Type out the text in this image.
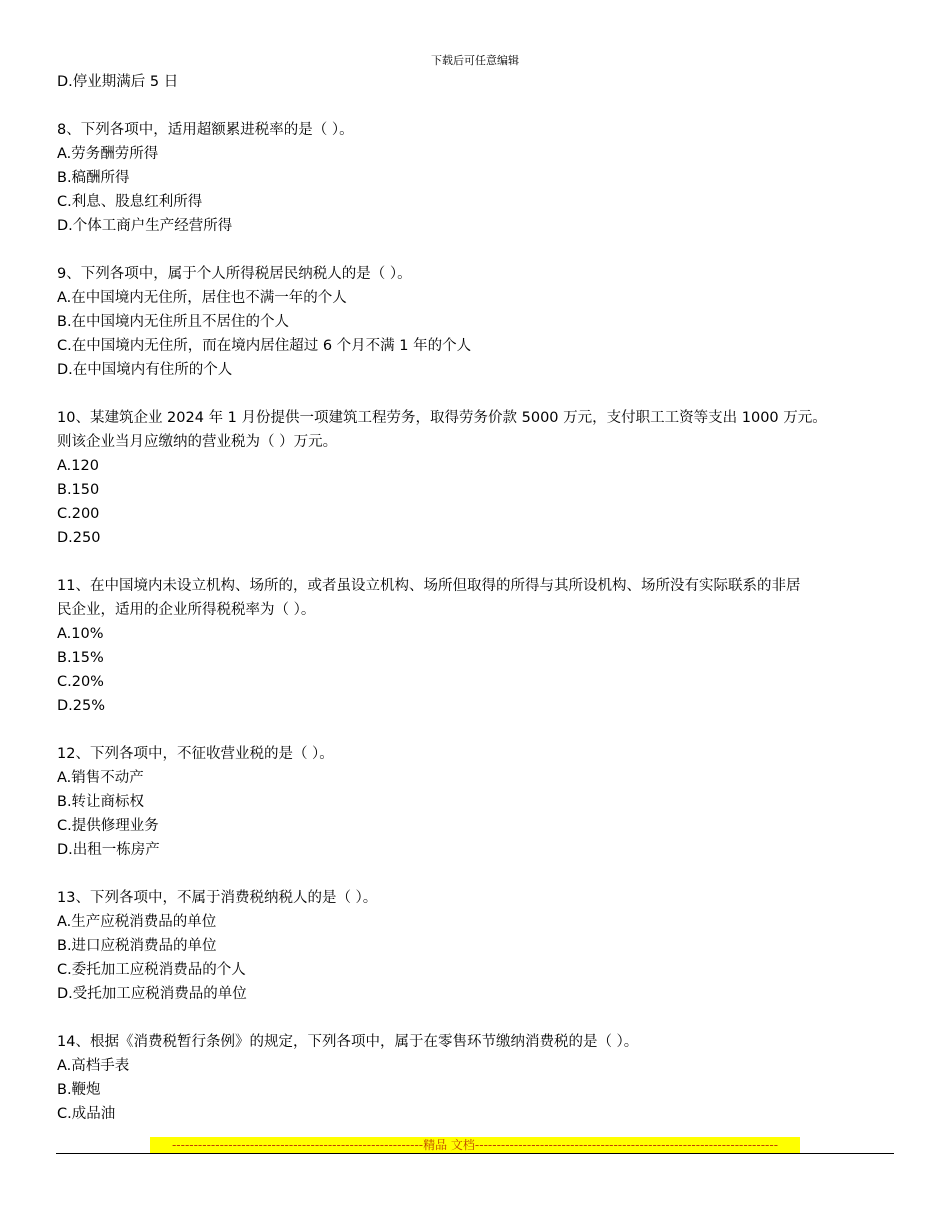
下载后可任意编辑
D.停业期满后 5 日
8、下列各项中，适用超额累进税率的是（ ）。
A.劳务酬劳所得
B.稿酬所得
C.利息、股息红利所得
D.个体工商户生产经营所得
9、下列各项中，属于个人所得税居民纳税人的是（ ）。
A.在中国境内无住所，居住也不满一年的个人
B.在中国境内无住所且不居住的个人
C.在中国境内无住所，而在境内居住超过 6 个月不满 1 年的个人
D.在中国境内有住所的个人
10、某建筑企业 2024 年 1 月份提供一项建筑工程劳务，取得劳务价款 5000 万元，支付职工工资等支出 1000 万元。
则该企业当月应缴纳的营业税为（ ）万元。
A.120
B.150
C.200
D.250
11、在中国境内未设立机构、场所的，或者虽设立机构、场所但取得的所得与其所设机构、场所没有实际联系的非居
民企业，适用的企业所得税税率为（ ）。
A.10%
B.15%
C.20%
D.25%
12、下列各项中，不征收营业税的是（ ）。
A.销售不动产
B.转让商标权
C.提供修理业务
D.出租一栋房产
13、下列各项中，不属于消费税纳税人的是（ ）。
A.生产应税消费品的单位
B.进口应税消费品的单位
C.委托加工应税消费品的个人
D.受托加工应税消费品的单位
14、根据《消费税暂行条例》的规定，下列各项中，属于在零售环节缴纳消费税的是（ ）。
A.高档手表
B.鞭炮
C.成品油
----------------------------------------------------------精品 文档----------------------------------------------------------------------
